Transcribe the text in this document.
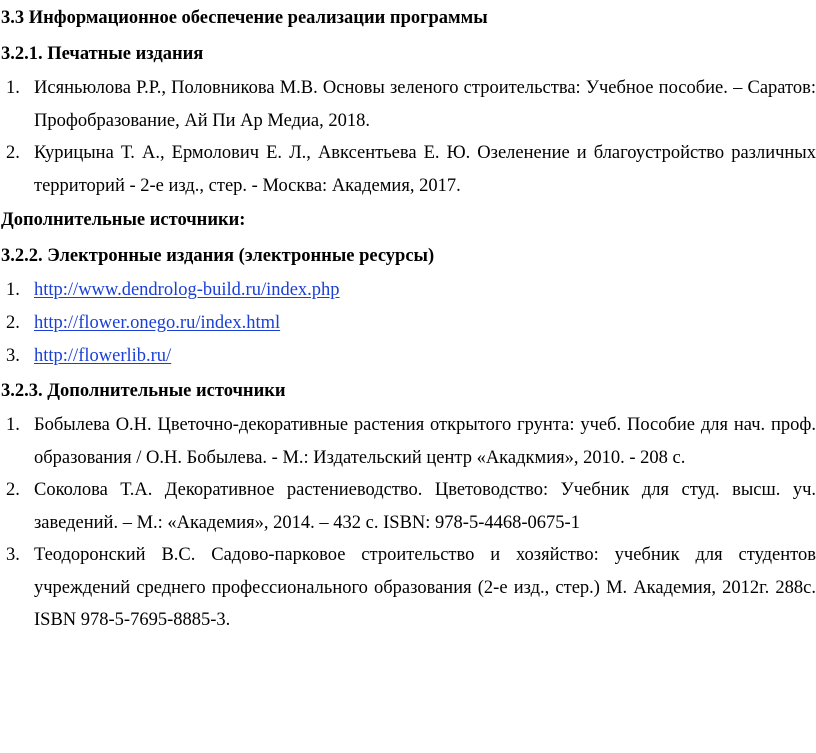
3.3 Информационное обеспечение реализации программы
3.2.1. Печатные издания
1. Исяньюлова Р.Р., Половникова М.В. Основы зеленого строительства: Учебное пособие. – Саратов: Профобразование, Ай Пи Ар Медиа, 2018.
2. Курицына Т. А., Ермолович Е. Л., Авксентьева Е. Ю. Озеленение и благоустройство различных территорий - 2-е изд., стер. - Москва: Академия, 2017.
Дополнительные источники:
3.2.2. Электронные издания (электронные ресурсы)
1. http://www.dendrolog-build.ru/index.php
2. http://flower.onego.ru/index.html
3. http://flowerlib.ru/
3.2.3. Дополнительные источники
1. Бобылева О.Н. Цветочно-декоративные растения открытого грунта: учеб. Пособие для нач. проф. образования / О.Н. Бобылева. - М.: Издательский центр «Акадкмия», 2010. - 208 с.
2. Соколова Т.А. Декоративное растениеводство. Цветоводство: Учебник для студ. высш. уч. заведений. – М.: «Академия», 2014. – 432 с. ISBN: 978-5-4468-0675-1
3. Теодоронский В.С. Садово-парковое строительство и хозяйство: учебник для студентов учреждений среднего профессионального образования (2-е изд., стер.) М. Академия, 2012г. 288с. ISBN 978-5-7695-8885-3.
